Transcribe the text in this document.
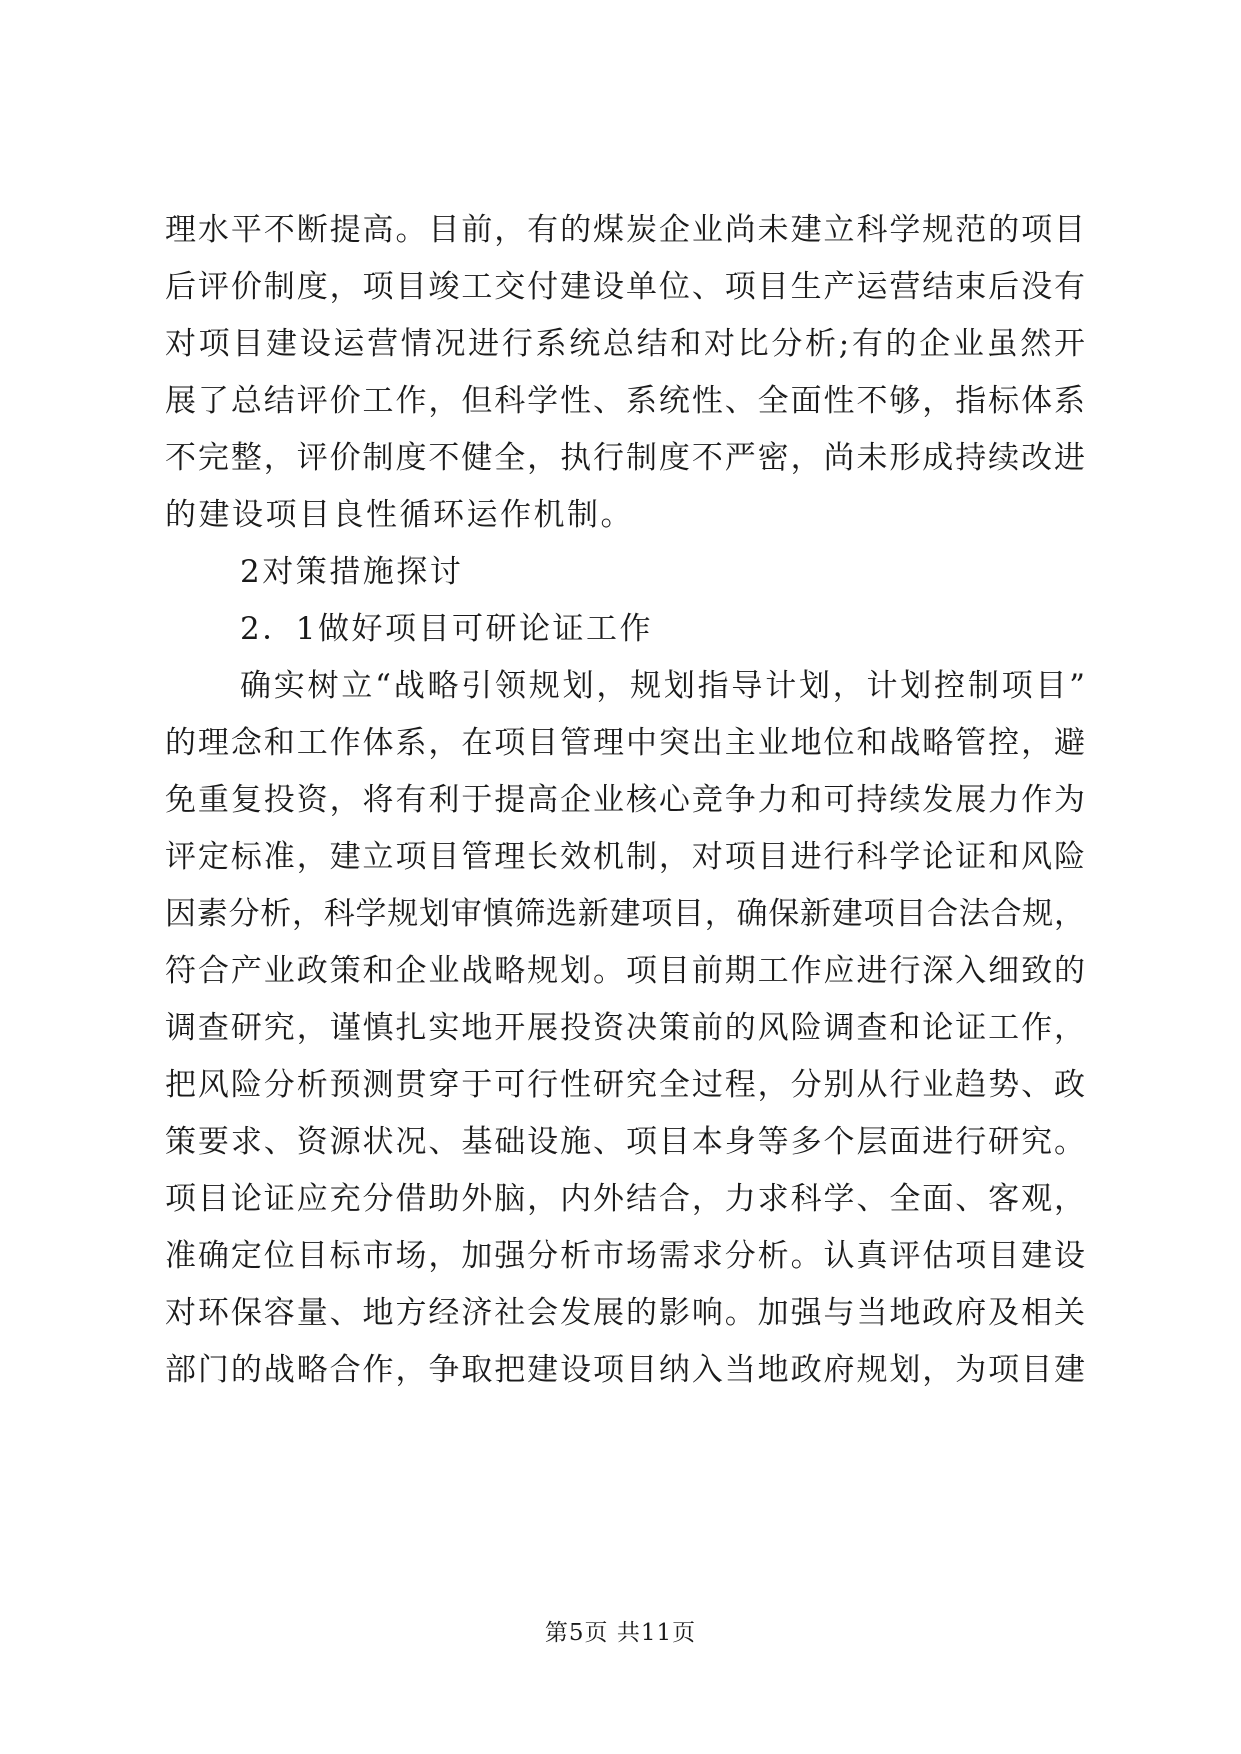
理水平不断提高。目前，有的煤炭企业尚未建立科学规范的项目
后评价制度，项目竣工交付建设单位、项目生产运营结束后没有
对项目建设运营情况进行系统总结和对比分析;有的企业虽然开
展了总结评价工作，但科学性、系统性、全面性不够，指标体系
不完整，评价制度不健全，执行制度不严密，尚未形成持续改进
的建设项目良性循环运作机制。
2对策措施探讨
2．1做好项目可研论证工作
确实树立“战略引领规划，规划指导计划，计划控制项目”
的理念和工作体系，在项目管理中突出主业地位和战略管控，避
免重复投资，将有利于提高企业核心竞争力和可持续发展力作为
评定标准，建立项目管理长效机制，对项目进行科学论证和风险
因素分析，科学规划审慎筛选新建项目，确保新建项目合法合规，
符合产业政策和企业战略规划。项目前期工作应进行深入细致的
调查研究，谨慎扎实地开展投资决策前的风险调查和论证工作，
把风险分析预测贯穿于可行性研究全过程，分别从行业趋势、政
策要求、资源状况、基础设施、项目本身等多个层面进行研究。
项目论证应充分借助外脑，内外结合，力求科学、全面、客观，
准确定位目标市场，加强分析市场需求分析。认真评估项目建设
对环保容量、地方经济社会发展的影响。加强与当地政府及相关
部门的战略合作，争取把建设项目纳入当地政府规划，为项目建
第5页 共11页
